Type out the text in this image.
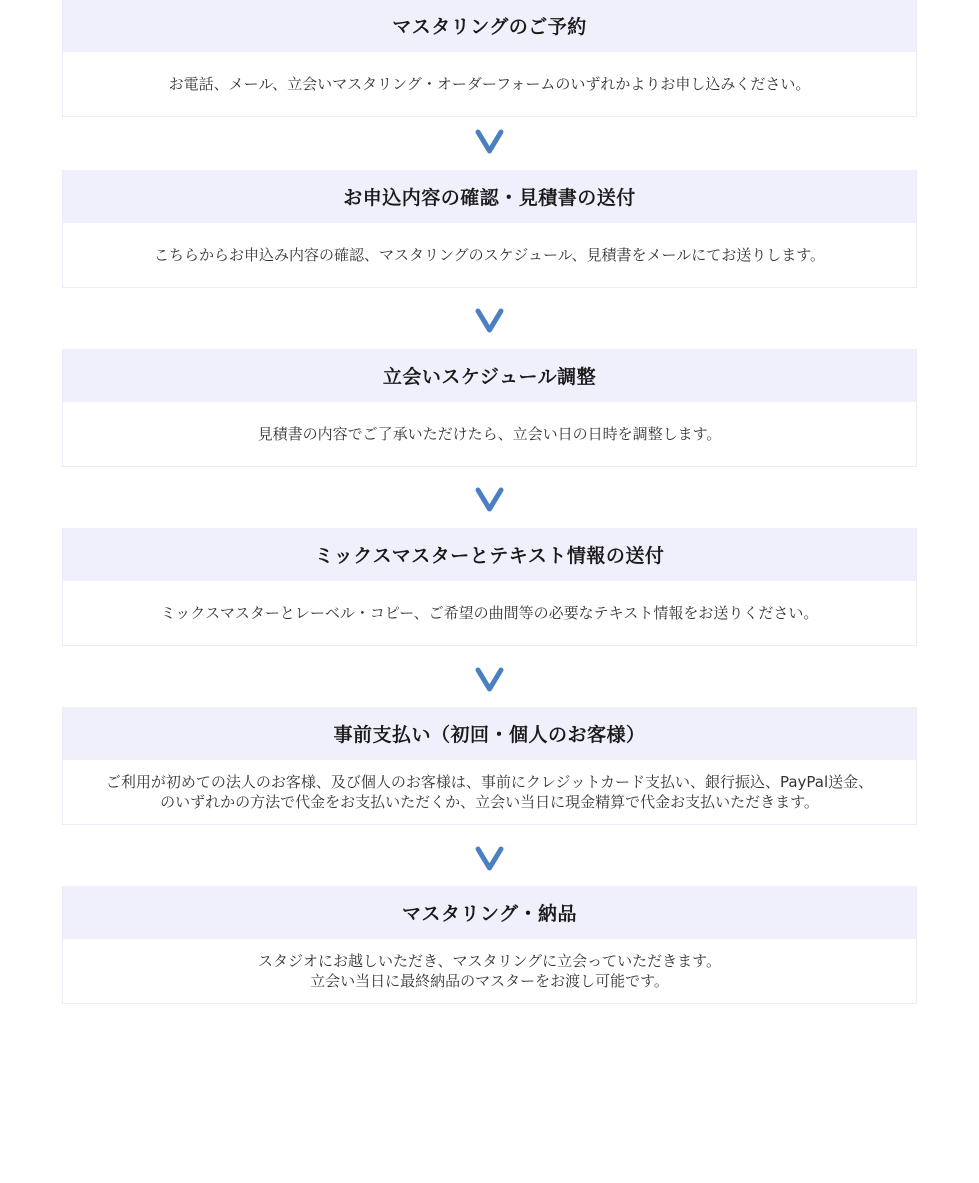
マスタリングのご予約
お電話、メール、立会いマスタリング・オーダーフォームのいずれかよりお申し込みください。
お申込内容の確認・見積書の送付
こちらからお申込み内容の確認、マスタリングのスケジュール、見積書をメールにてお送りします。
立会いスケジュール調整
見積書の内容でご了承いただけたら、立会い日の日時を調整します。
ミックスマスターとテキスト情報の送付
ミックスマスターとレーベル・コピー、ご希望の曲間等の必要なテキスト情報をお送りください。
事前支払い（初回・個人のお客様）
ご利用が初めての法人のお客様、及び個人のお客様は、事前にクレジットカード支払い、銀行振込、PayPal送金、
のいずれかの方法で代金をお支払いただくか、立会い当日に現金精算で代金お支払いただきます。
マスタリング・納品
スタジオにお越しいただき、マスタリングに立会っていただきます。
立会い当日に最終納品のマスターをお渡し可能です。
